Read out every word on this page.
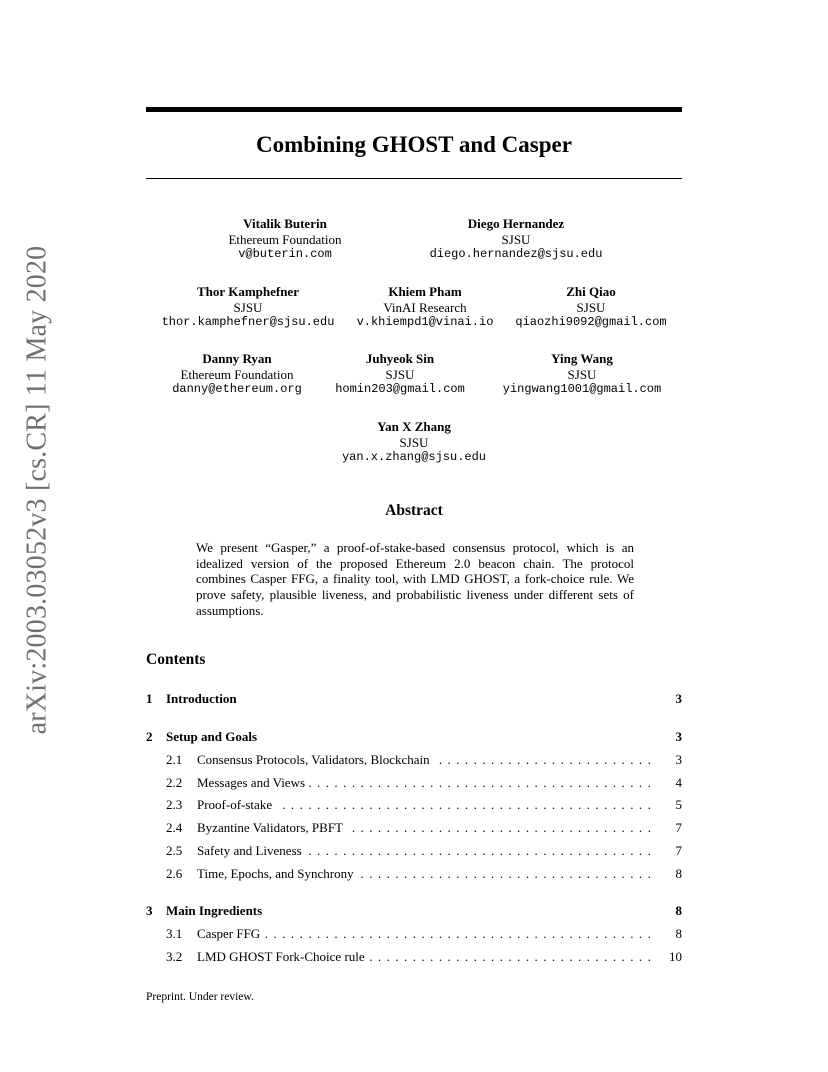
arXiv:2003.03052v3 [cs.CR] 11 May 2020
Combining GHOST and Casper
Vitalik Buterin
Ethereum Foundation
v@buterin.com
Diego Hernandez
SJSU
diego.hernandez@sjsu.edu
Thor Kamphefner
SJSU
thor.kamphefner@sjsu.edu
Khiem Pham
VinAI Research
v.khiempd1@vinai.io
Zhi Qiao
SJSU
qiaozhi9092@gmail.com
Danny Ryan
Ethereum Foundation
danny@ethereum.org
Juhyeok Sin
SJSU
homin203@gmail.com
Ying Wang
SJSU
yingwang1001@gmail.com
Yan X Zhang
SJSU
yan.x.zhang@sjsu.edu
Abstract

We present “Gasper,” a proof-of-stake-based consensus protocol, which is an idealized version of the proposed Ethereum 2.0 beacon chain. The protocol combines Casper FFG, a finality tool, with LMD GHOST, a fork-choice rule. We prove safety, plausible liveness, and probabilistic liveness under different sets of assumptions.

Contents
1 Introduction	3
2 Setup and Goals	3
2.1 Consensus Protocols, Validators, Blockchain . . .	3
2.2 Messages and Views . . .	4
2.3 Proof-of-stake . . .	5
2.4 Byzantine Validators, PBFT . . .	7
2.5 Safety and Liveness . . .	7
2.6 Time, Epochs, and Synchrony . . .	8
3 Main Ingredients	8
3.1 Casper FFG . . .	8
3.2 LMD GHOST Fork-Choice rule . . .	10
Preprint. Under review.
